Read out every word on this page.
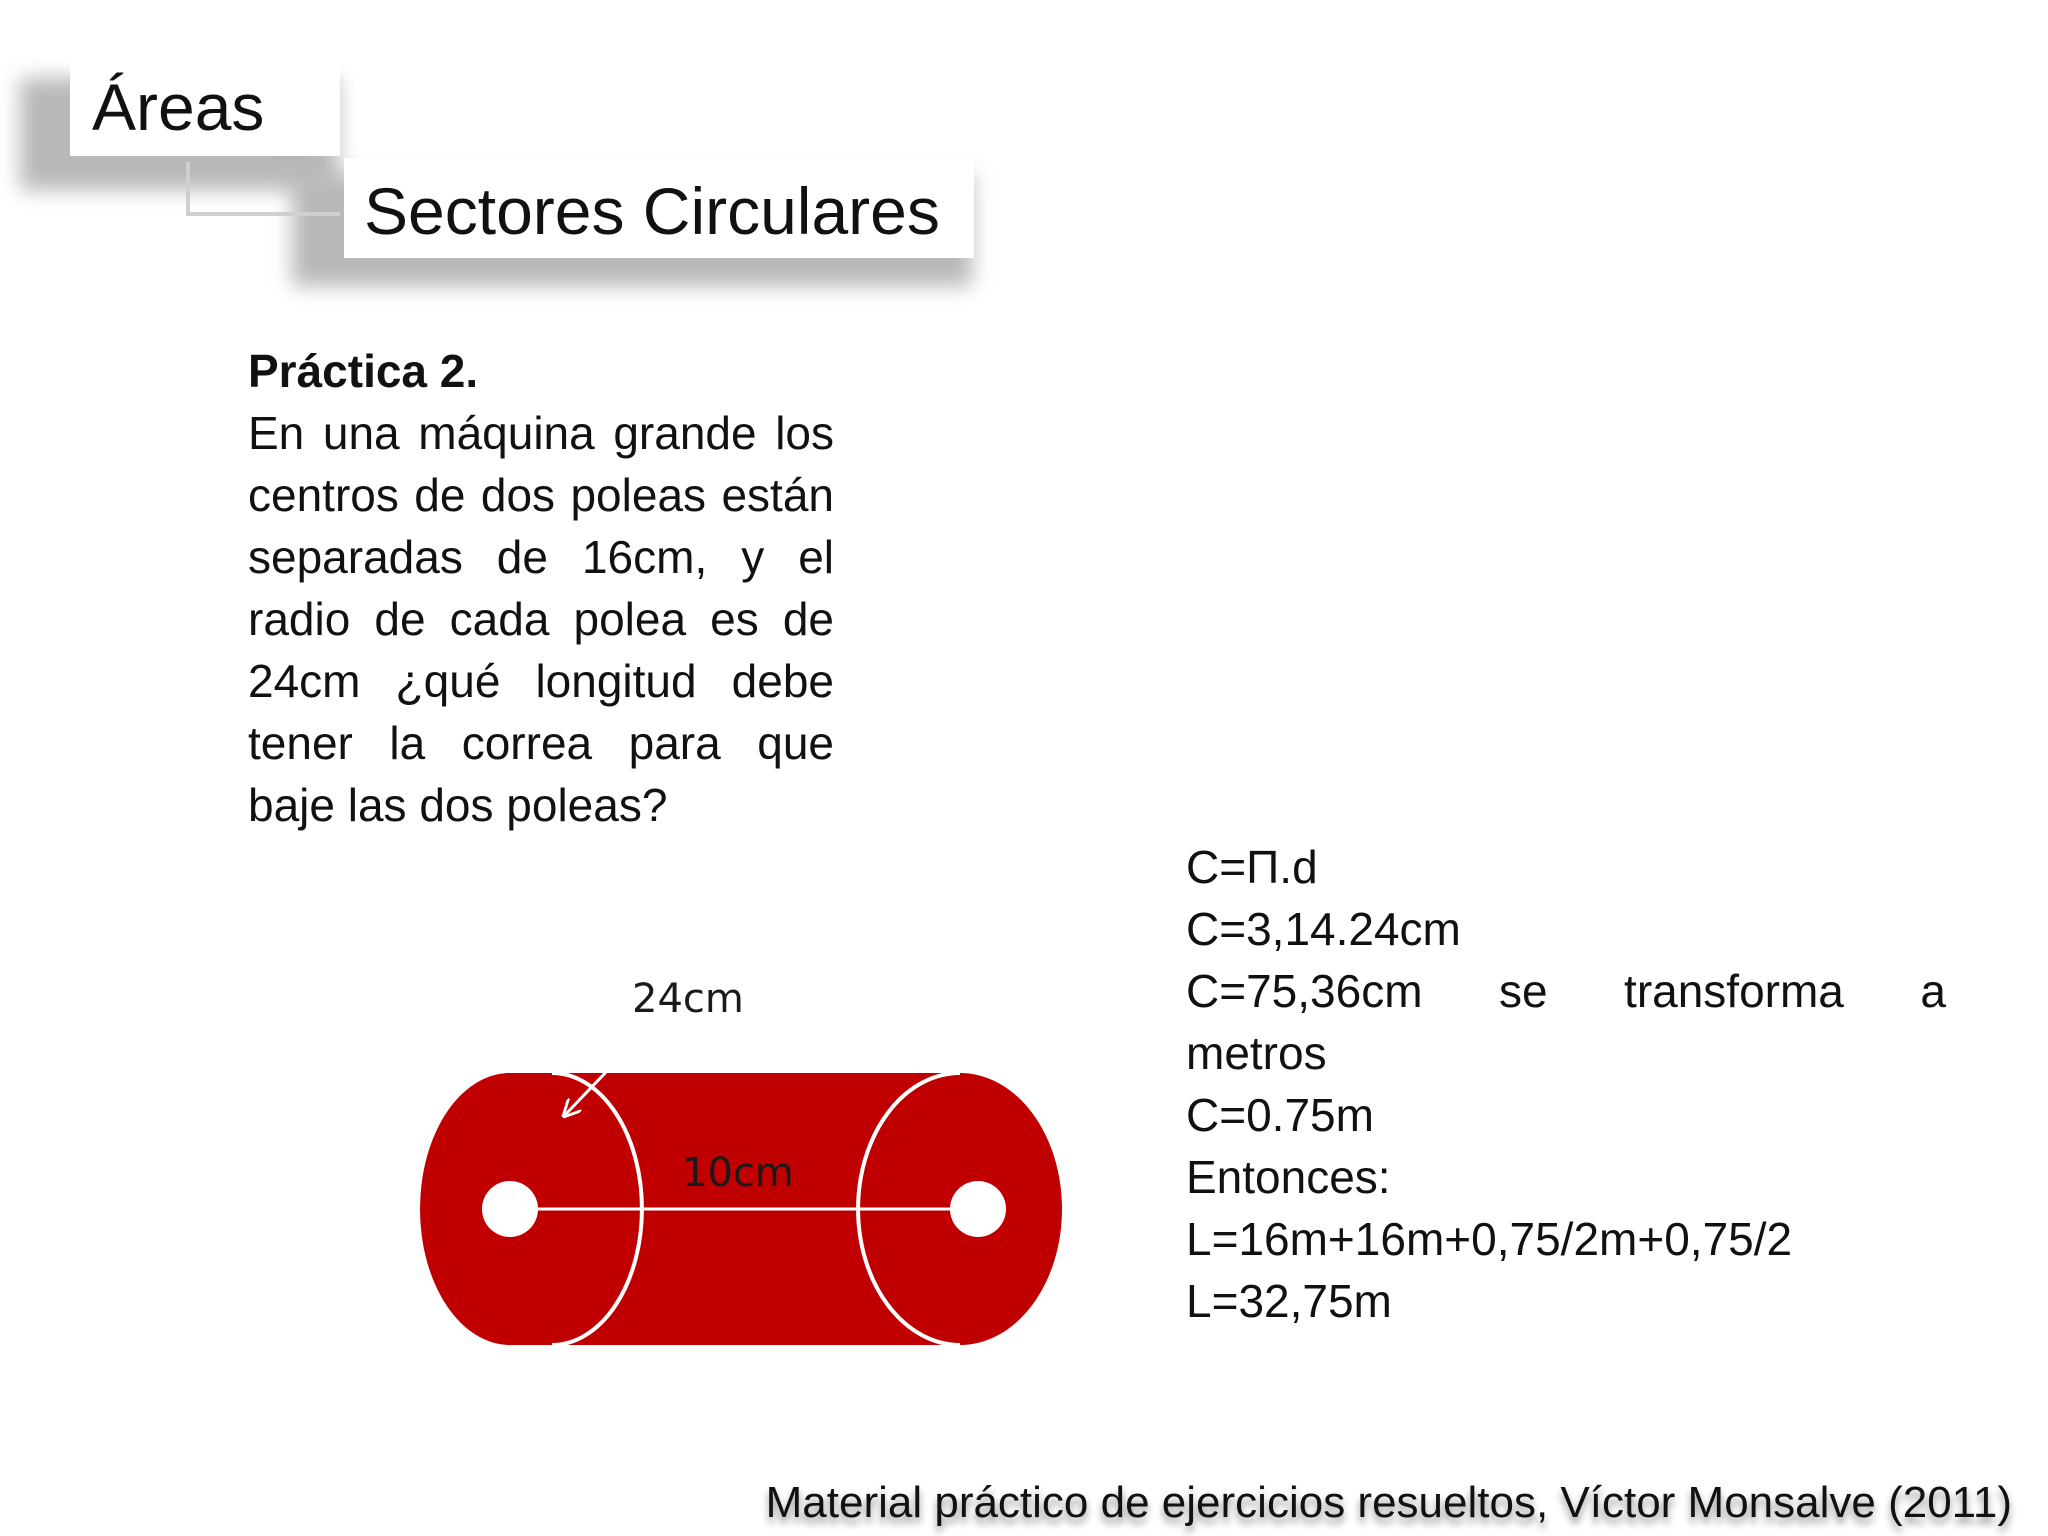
Áreas
Sectores Circulares
Práctica 2.
En una máquina grande los centros de dos poleas están separadas de 16cm, y el radio de cada polea es de 24cm ¿qué longitud debe tener la correa para que baje las dos poleas?
24cm
10cm
C=Π.d
C=3,14.24cm
C=75,36cm se transforma a
metros
C=0.75m
Entonces:
L=16m+16m+0,75/2m+0,75/2
L=32,75m
Material práctico de ejercicios resueltos, Víctor Monsalve (2011)
